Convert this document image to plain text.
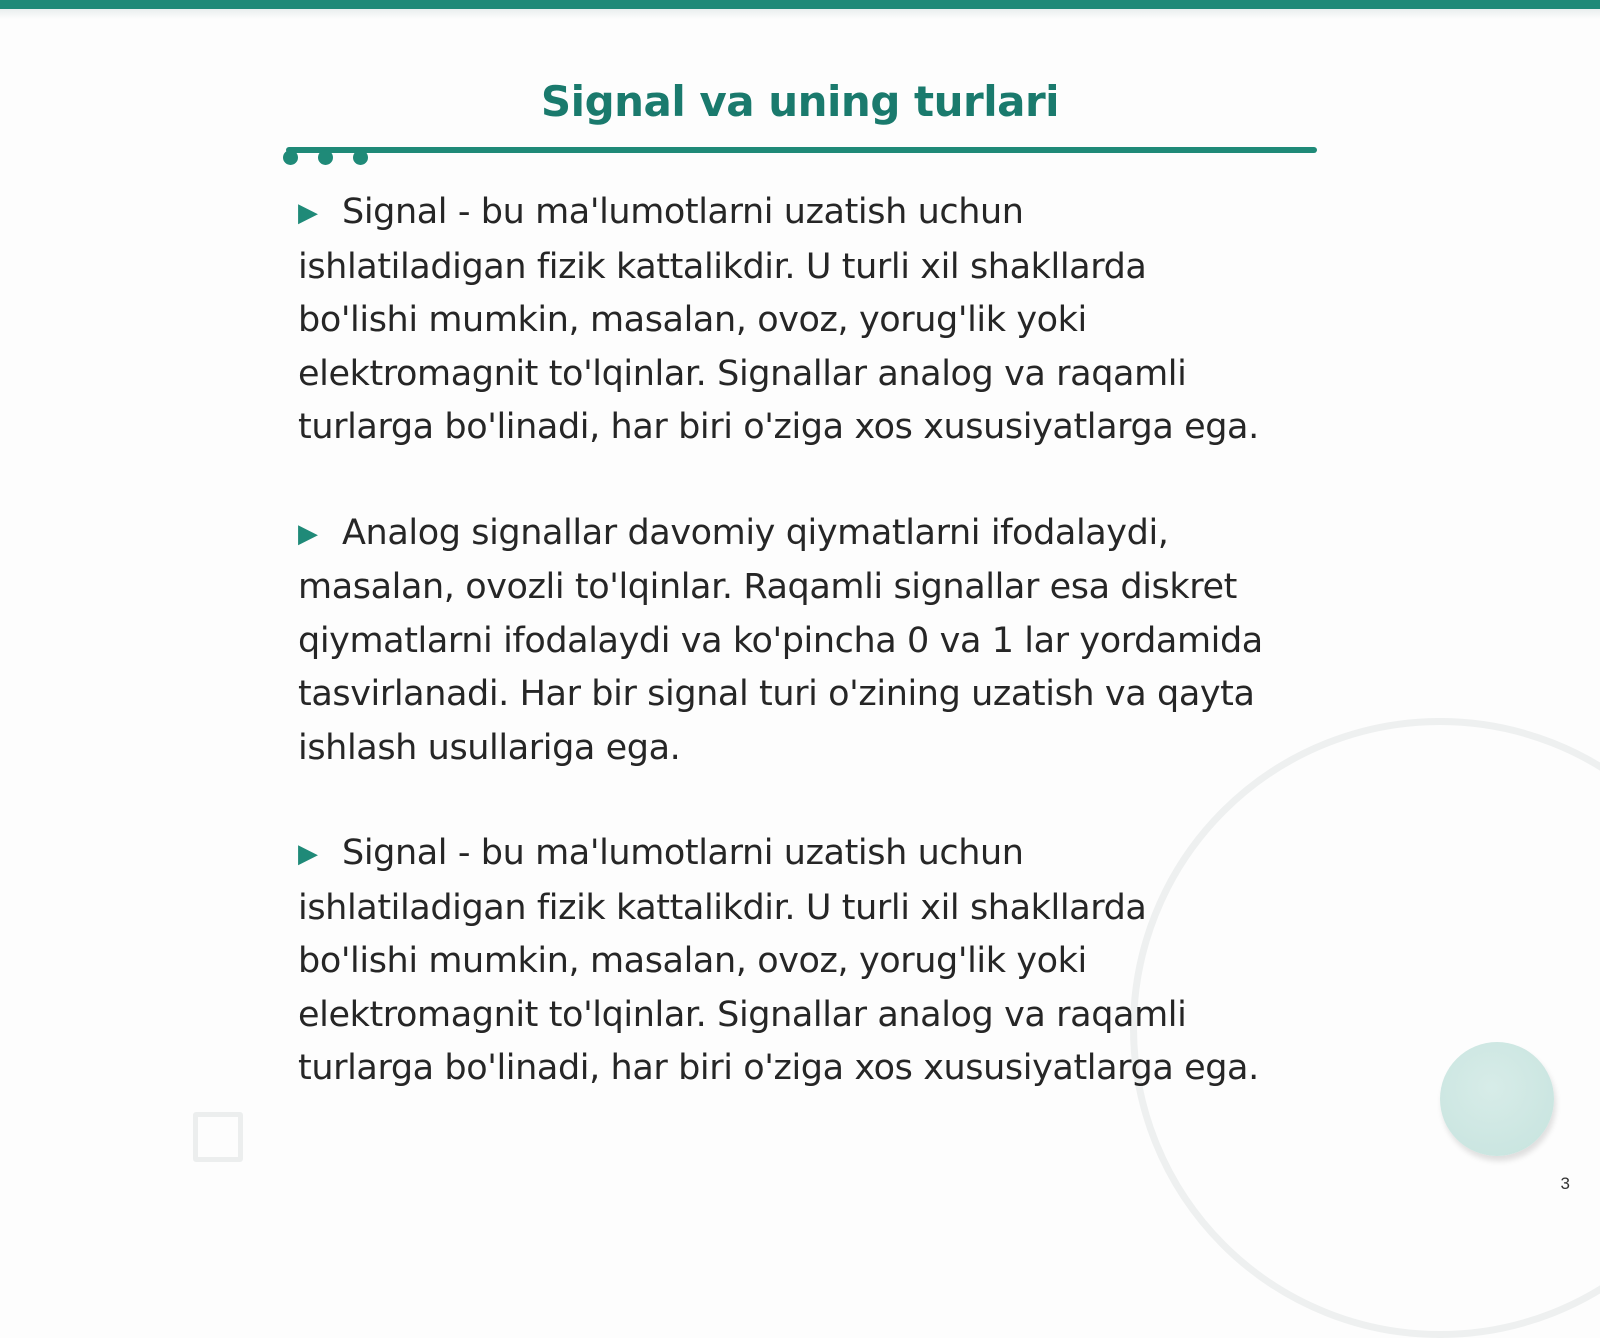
Signal va uning turlari

▶ Signal - bu ma'lumotlarni uzatish uchun
ishlatiladigan fizik kattalikdir. U turli xil shakllarda
bo'lishi mumkin, masalan, ovoz, yorug'lik yoki
elektromagnit to'lqinlar. Signallar analog va raqamli
turlarga bo'linadi, har biri o'ziga xos xususiyatlarga ega.

▶ Analog signallar davomiy qiymatlarni ifodalaydi,
masalan, ovozli to'lqinlar. Raqamli signallar esa diskret
qiymatlarni ifodalaydi va ko'pincha 0 va 1 lar yordamida
tasvirlanadi. Har bir signal turi o'zining uzatish va qayta
ishlash usullariga ega.

▶ Signal - bu ma'lumotlarni uzatish uchun
ishlatiladigan fizik kattalikdir. U turli xil shakllarda
bo'lishi mumkin, masalan, ovoz, yorug'lik yoki
elektromagnit to'lqinlar. Signallar analog va raqamli
turlarga bo'linadi, har biri o'ziga xos xususiyatlarga ega.

3
